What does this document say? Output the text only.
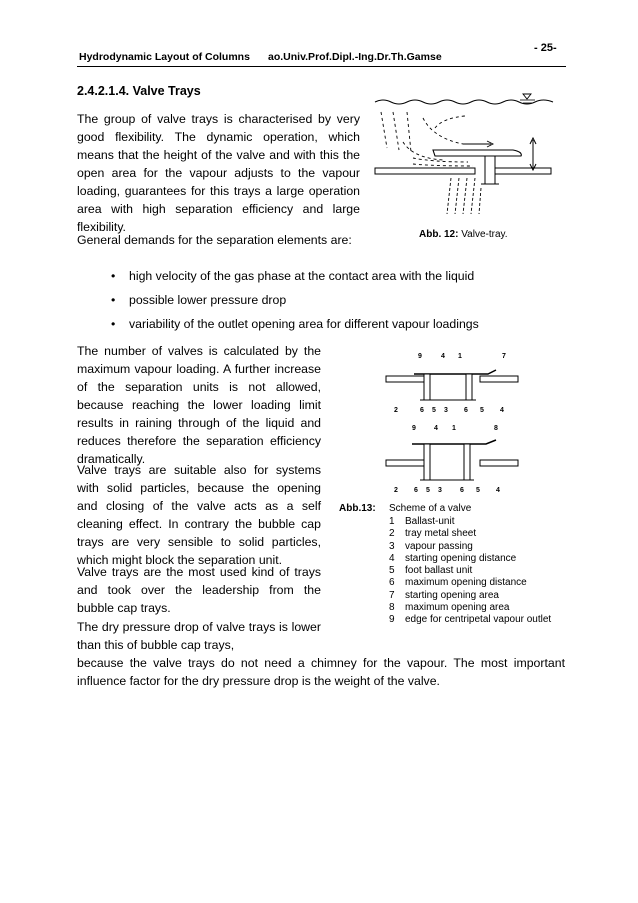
Hydrodynamic Layout of Columns ao.Univ.Prof.Dipl.-Ing.Dr.Th.Gamse
- 25-
2.4.2.1.4. Valve Trays
The group of valve trays is characterised by very good flexibility. The dynamic operation, which means that the height of the valve and with this the open area for the vapour adjusts to the vapour loading, guarantees for this trays a large operation area with high separation efficiency and large flexibility.
General demands for the separation elements are:
• high velocity of the gas phase at the contact area with the liquid
• possible lower pressure drop
• variability of the outlet opening area for different vapour loadings
The number of valves is calculated by the maximum vapour loading. A further increase of the separation units is not allowed, because reaching the lower loading limit results in raining through of the liquid and reduces therefore the separation efficiency dramatically.
Valve trays are suitable also for systems with solid particles, because the opening and closing of the valve acts as a self cleaning effect. In contrary the bubble cap trays are very sensible to solid particles, which might block the separation unit.
Valve trays are the most used kind of trays and took over the leadership from the bubble cap trays.
The dry pressure drop of valve trays is lower than this of bubble cap trays,
because the valve trays do not need a chimney for the vapour. The most important influence factor for the dry pressure drop is the weight of the valve.
Abb. 12: Valve-tray.
9	4 1	7
2	6 5 3 6 5 4
9	4 1	8
2 6 5 3	6 5 4
Abb.13: Scheme of a valve
1 Ballast-unit
2 tray metal sheet
3 vapour passing
4 starting opening distance
5 foot ballast unit
6 maximum opening distance
7 starting opening area
8 maximum opening area
9 edge for centripetal vapour outlet
